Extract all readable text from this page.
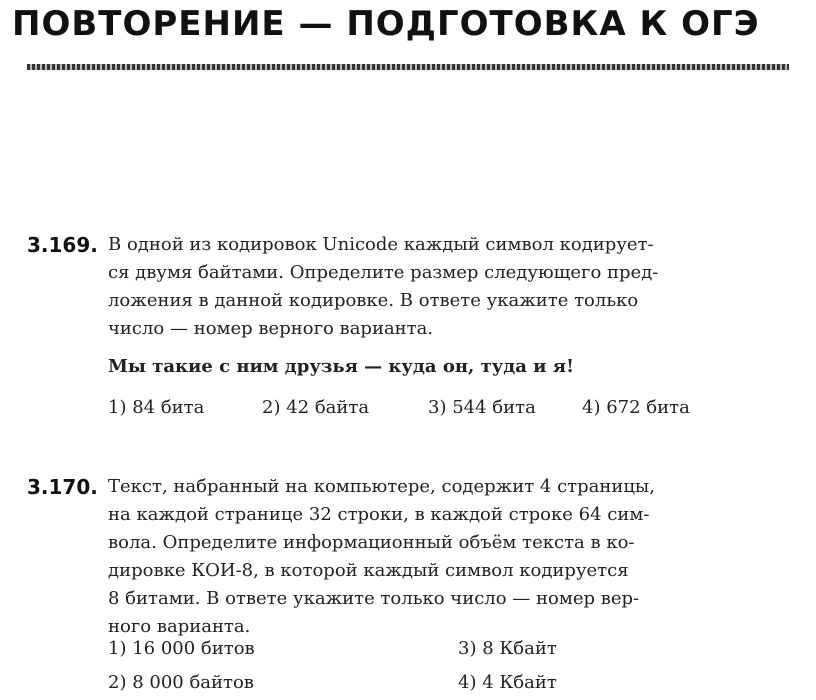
ПОВТОРЕНИЕ — ПОДГОТОВКА К ОГЭ
3.169. В одной из кодировок Unicode каждый символ кодирует-
ся двумя байтами. Определите размер следующего пред-
ложения в данной кодировке. В ответе укажите только
число — номер верного варианта.
Мы такие с ним друзья — куда он, туда и я!
1) 84 бита	2) 42 байта	3) 544 бита	4) 672 бита
3.170. Текст, набранный на компьютере, содержит 4 страницы,
на каждой странице 32 строки, в каждой строке 64 сим-
вола. Определите информационный объём текста в ко-
дировке КОИ-8, в которой каждый символ кодируется
8 битами. В ответе укажите только число — номер вер-
ного варианта.
1) 16 000 битов	3) 8 Кбайт
2) 8 000 байтов	4) 4 Кбайт
